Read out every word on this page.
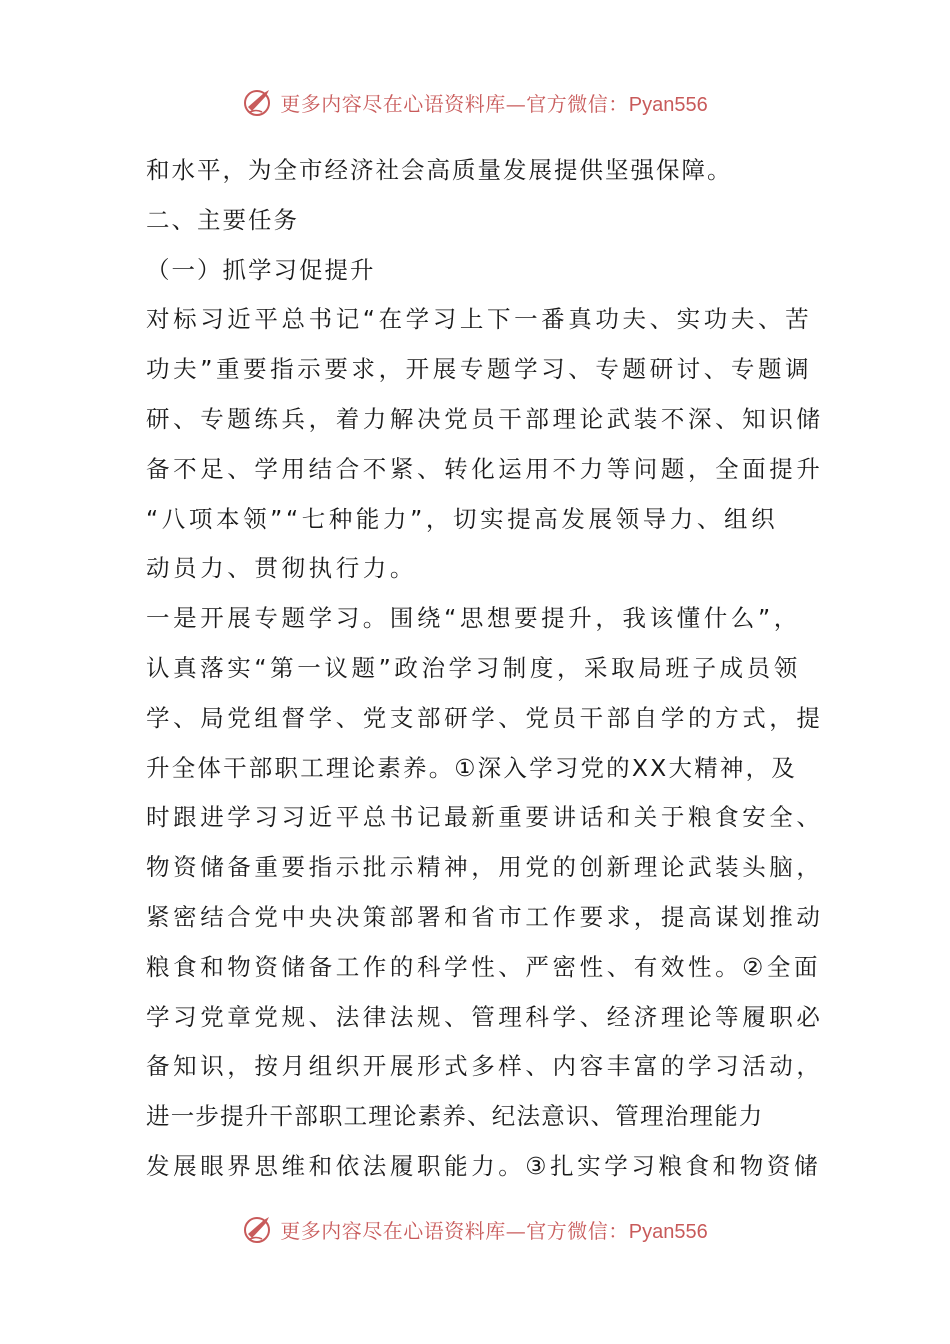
更多内容尽在心语资料库—官方微信：Pyan556
和水平，为全市经济社会高质量发展提供坚强保障。
二、主要任务
（一）抓学习促提升
对标习近平总书记“在学习上下一番真功夫、实功夫、苦
功夫”重要指示要求，开展专题学习、专题研讨、专题调
研、专题练兵，着力解决党员干部理论武装不深、知识储
备不足、学用结合不紧、转化运用不力等问题，全面提升
“八项本领”“七种能力”，切实提高发展领导力、组织
动员力、贯彻执行力。
一是开展专题学习。围绕“思想要提升，我该懂什么”，
认真落实“第一议题”政治学习制度，采取局班子成员领
学、局党组督学、党支部研学、党员干部自学的方式，提
升全体干部职工理论素养。①深入学习党的XX大精神，及
时跟进学习习近平总书记最新重要讲话和关于粮食安全、
物资储备重要指示批示精神，用党的创新理论武装头脑，
紧密结合党中央决策部署和省市工作要求，提高谋划推动
粮食和物资储备工作的科学性、严密性、有效性。②全面
学习党章党规、法律法规、管理科学、经济理论等履职必
备知识，按月组织开展形式多样、内容丰富的学习活动，
进一步提升干部职工理论素养、纪法意识、管理治理能力
发展眼界思维和依法履职能力。③扎实学习粮食和物资储
更多内容尽在心语资料库—官方微信：Pyan556
